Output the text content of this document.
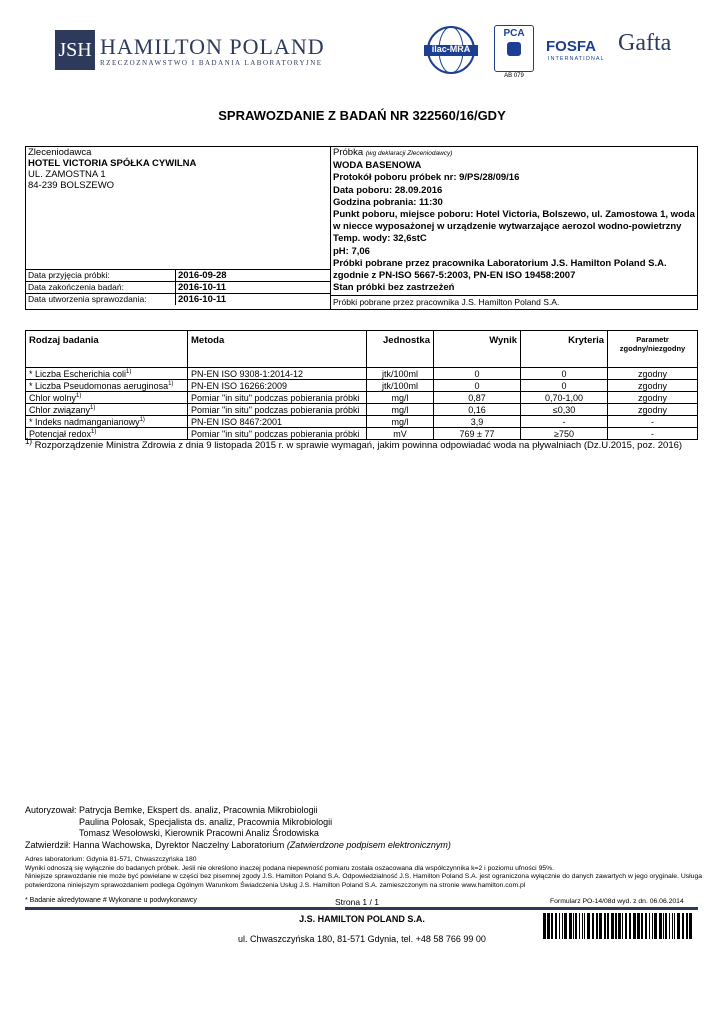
JSH HAMILTON POLAND
RZECZOZNAWSTWO I BADANIA LABORATORYJNE
ilac-MRA
PCA
AB 079
FOSFA
INTERNATIONAL
Gafta
SPRAWOZDANIE Z BADAŃ NR 322560/16/GDY
Zleceniodawca
HOTEL VICTORIA SPÓŁKA CYWILNA
UL. ZAMOSTNA 1
84-239 BOLSZEWO

Próbka (wg deklaracji Zleceniodawcy)
WODA BASENOWA
Protokół poboru próbek nr: 9/PS/28/09/16
Data poboru: 28.09.2016
Godzina pobrania: 11:30
Punkt poboru, miejsce poboru: Hotel Victoria, Bolszewo, ul. Zamostowa 1, woda w niecce wyposażonej w urządzenie wytwarzające aerozol wodno-powietrzny
Temp. wody: 32,6stC
pH: 7,06
Próbki pobrane przez pracownika Laboratorium J.S. Hamilton Poland S.A. zgodnie z PN-ISO 5667-5:2003, PN-EN ISO 19458:2007
Stan próbki bez zastrzeżeń
Próbki pobrane przez pracownika J.S. Hamilton Poland S.A.

Data przyjęcia próbki:	2016-09-28
Data zakończenia badań:	2016-10-11
Data utworzenia sprawozdania:	2016-10-11
Rodzaj badania	Metoda	Jednostka	Wynik	Kryteria	Parametr zgodny/niezgodny
* Liczba Escherichia coli$^{1)}$	PN-EN ISO 9308-1:2014-12	jtk/100ml	0	0	zgodny
* Liczba Pseudomonas aeruginosa$^{1)}$	PN-EN ISO 16266:2009	jtk/100ml	0	0	zgodny
Chlor wolny$^{1)}$	Pomiar "in situ" podczas pobierania próbki	mg/l	0,87	0,70-1,00	zgodny
Chlor związany$^{1)}$	Pomiar "in situ" podczas pobierania próbki	mg/l	0,16	≤0,30	zgodny
* Indeks nadmanganianowy$^{1)}$	PN-EN ISO 8467:2001	mg/l	3,9	-	-
Potencjał redox$^{1)}$	Pomiar "in situ" podczas pobierania próbki	mV	769 ± 77	≥750	-
$^{1)}$ Rozporządzenie Ministra Zdrowia z dnia 9 listopada 2015 r. w sprawie wymagań, jakim powinna odpowiadać woda na pływalniach (Dz.U.2015, poz. 2016)
Autoryzował: Patrycja Bemke, Ekspert ds. analiz, Pracownia Mikrobiologii
Paulina Połosak, Specjalista ds. analiz, Pracownia Mikrobiologii
Tomasz Wesołowski, Kierownik Pracowni Analiz Środowiska
Zatwierdził: Hanna Wachowska, Dyrektor Naczelny Laboratorium (Zatwierdzone podpisem elektronicznym)
Adres laboratorium: Gdynia 81-571, Chwaszczyńska 180
Wyniki odnoszą się wyłącznie do badanych próbek. Jeśli nie określono inaczej podana niepewność pomiaru została oszacowana dla współczynnika k=2 i poziomu ufności 95%.
Niniejsze sprawozdanie nie może być powielane w części bez pisemnej zgody J.S. Hamilton Poland S.A. Odpowiedzialność J.S. Hamilton Poland S.A. jest ograniczona wyłącznie do danych zawartych w jego oryginale. Usługa potwierdzona niniejszym sprawozdaniem podlega Ogólnym Warunkom Świadczenia Usług J.S. Hamilton Poland S.A. zamieszczonym na stronie www.hamilton.com.pl
* Badanie akredytowane # Wykonane u podwykonawcy	Strona 1 / 1	Formularz PO-14/08d wyd. z dn. 06.06.2014
J.S. HAMILTON POLAND S.A.
ul. Chwaszczyńska 180, 81-571 Gdynia, tel. +48 58 766 99 00
